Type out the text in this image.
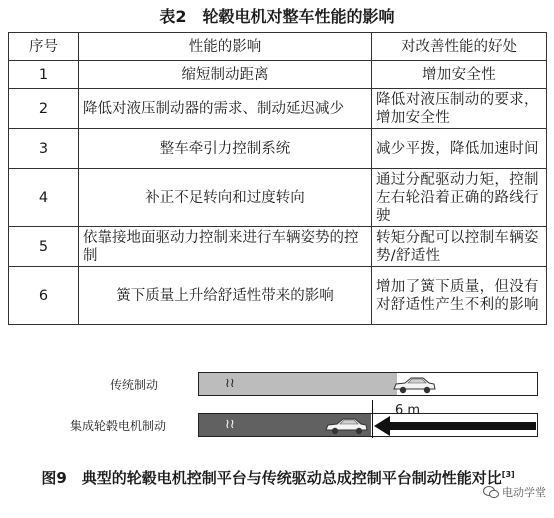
表2　轮毂电机对整车性能的影响
序号	性能的影响	对改善性能的好处
1	缩短制动距离	增加安全性
2	降低对液压制动器的需求、制动延迟减少	降低对液压制动的要求，增加安全性
3	整车牵引力控制系统	减少平拨，降低加速时间
4	补正不足转向和过度转向	通过分配驱动力矩，控制左右轮沿着正确的路线行驶
5	依靠接地面驱动力控制来进行车辆姿势的控制	转矩分配可以控制车辆姿势/舒适性
6	簧下质量上升给舒适性带来的影响	增加了簧下质量，但没有对舒适性产生不利的影响
传统制动	≀≀
集成轮毂电机制动	≀≀
6 m
图9　典型的轮毂电机控制平台与传统驱动总成控制平台制动性能对比[3]
电动学堂
